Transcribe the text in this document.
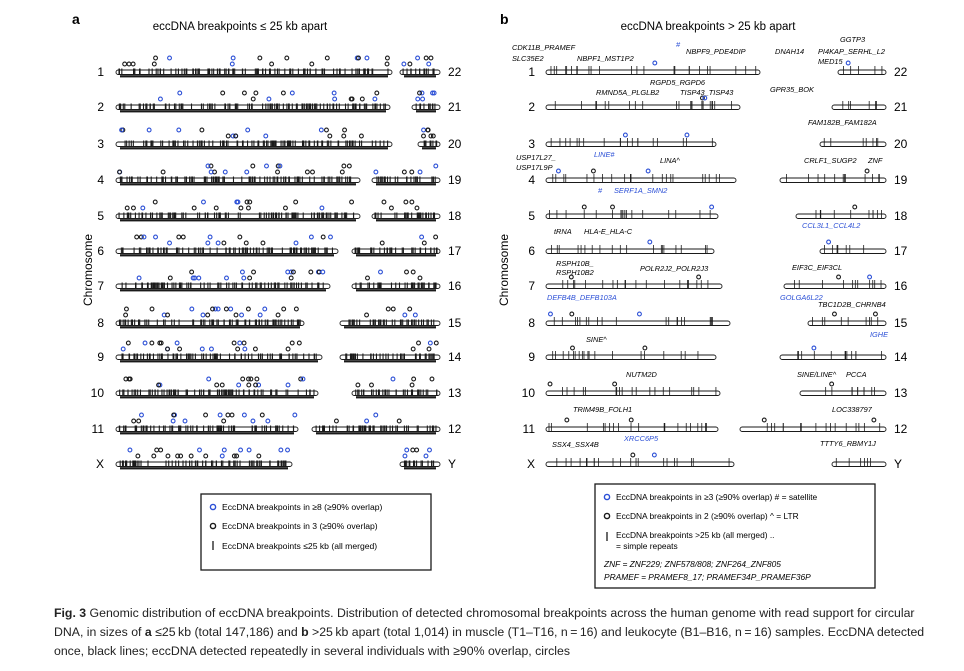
a	eccDNA breakpoints ≤ 25 kb apart
Chromosome
1	22
2	21
3	20
4	19
5	18
6	17
7	16
8	15
9	14
10	13
11	12
X	Y
EccDNA breakpoints in ≥8 (≥90% overlap)
EccDNA breakpoints in 3 (≥90% overlap)
EccDNA breakpoints ≤25 kb (all merged)
b	eccDNA breakpoints > 25 kb apart
Chromosome
1	22
2	21
3	20
4	19
5	18
6	17
7	16
8	15
9	14
10	13
11	12
X	Y
CDK11B_PRAMEF
SLC35E2	NBPF1_MST1P2
#
NBPF9_PDE4DIP	DNAH14
GGTP3
PI4KAP_SERHL_L2
MED15
RGPD5_RGPD6
RMND5A_PLGLB2	TISP43_TISP43	GPR35_BOK
FAM182B_FAM182A
USP17L27_
USP17L9P
LINE#
LINA^	CRLF1_SUGP2 ZNF
# SERF1A_SMN2
CCL3L1_CCL4L2
tRNA HLA-E_HLA-C
RSPH10B_
RSPH10B2	POLR2J2_POLR2J3	EIF3C_EIF3CL
DEFB4B_DEFB103A	GOLGA6L22
TBC1D2B_CHRNB4
IGHE
SINE^
NUTM2D	SINE/LINE^ PCCA
TRIM49B_FOLH1	LOC338797
SSX4_SSX4B
XRCC6P5
TTTY6_RBMY1J
EccDNA breakpoints in ≥3 (≥90% overlap) # = satellite
EccDNA breakpoints in 2 (≥90% overlap) ^ = LTR
EccDNA breakpoints >25 kb (all merged) ..
= simple repeats
ZNF = ZNF229; ZNF578/808; ZNF264_ZNF805
PRAMEF = PRAMEF8_17; PRAMEF34P_PRAMEF36P
Fig. 3 Genomic distribution of eccDNA breakpoints. Distribution of detected chromosomal breakpoints across the human genome with read support for circular DNA, in sizes of a ≤25 kb (total 147,186) and b >25 kb apart (total 1,014) in muscle (T1–T16, n = 16) and leukocyte (B1–B16, n = 16) samples. EccDNA detected once, black lines; eccDNA detected repeatedly in several individuals with ≥90% overlap, circles
